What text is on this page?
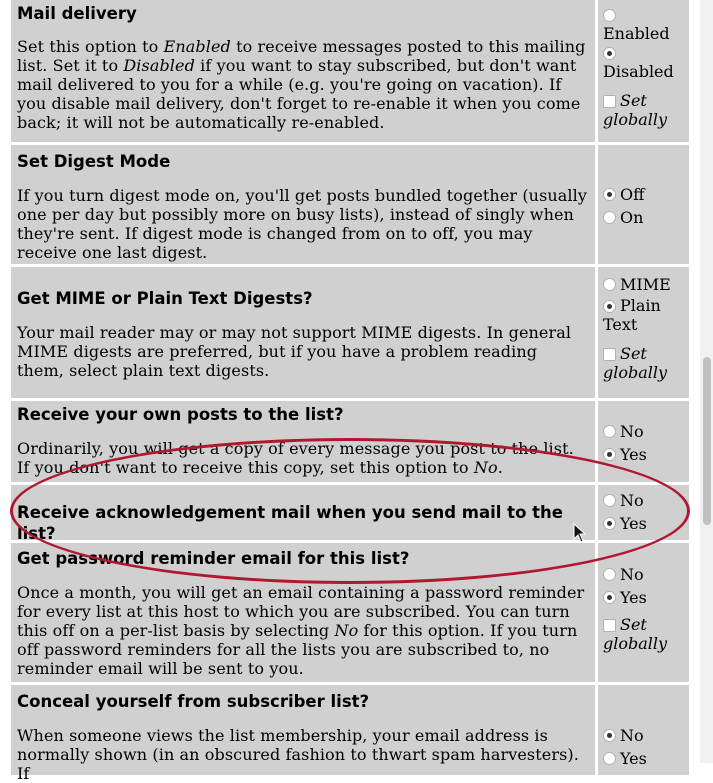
Mail delivery

Set this option to Enabled to receive messages posted to this mailing list. Set it to Disabled if you want to stay subscribed, but don't want mail delivered to you for a while (e.g. you're going on vacation). If you disable mail delivery, don't forget to re-enable it when you come back; it will not be automatically re-enabled.

Enabled

Disabled
Set globally
Set Digest Mode

If you turn digest mode on, you'll get posts bundled together (usually one per day but possibly more on busy lists), instead of singly when they're sent. If digest mode is changed from on to off, you may receive one last digest.

Off
On
Get MIME or Plain Text Digests?

Your mail reader may or may not support MIME digests. In general MIME digests are preferred, but if you have a problem reading them, select plain text digests.

MIME
Plain Text
Set globally
Receive your own posts to the list?

Ordinarily, you will get a copy of every message you post to the list. If you don't want to receive this copy, set this option to No.

No
Yes
Receive acknowledgement mail when you send mail to the list?
No
Yes
Get password reminder email for this list?

Once a month, you will get an email containing a password reminder for every list at this host to which you are subscribed. You can turn this off on a per-list basis by selecting No for this option. If you turn off password reminders for all the lists you are subscribed to, no reminder email will be sent to you.

No
Yes
Set globally
Conceal yourself from subscriber list?

When someone views the list membership, your email address is normally shown (in an obscured fashion to thwart spam harvesters). If

No
Yes
